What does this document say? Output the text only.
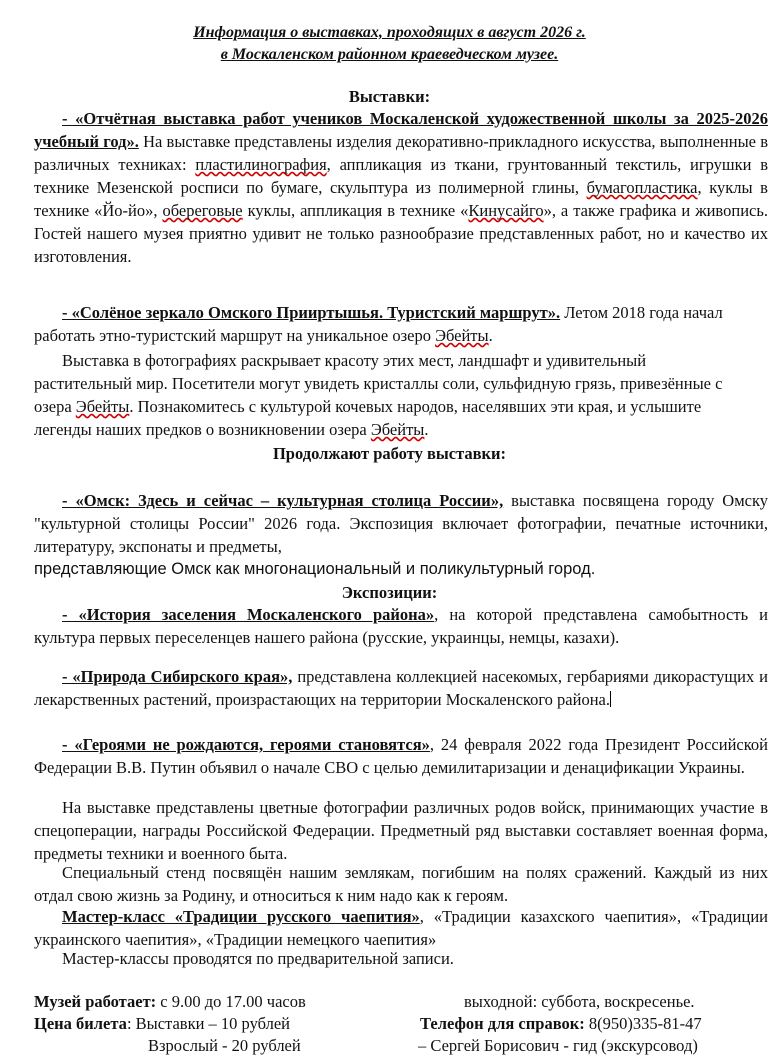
Информация о выставках, проходящих в август 2026 г.
в Москаленском районном краеведческом музее.
Выставки:
- «Отчётная выставка работ учеников Москаленской художественной школы за 2025-2026 учебный год». На выставке представлены изделия декоративно-прикладного искусства, выполненные в различных техниках: пластилинография, аппликация из ткани, грунтованный текстиль, игрушки в технике Мезенской росписи по бумаге, скульптура из полимерной глины, бумагопластика, куклы в технике «Йо-йо», обереговые куклы, аппликация в технике «Кинусайго», а также графика и живопись. Гостей нашего музея приятно удивит не только разнообразие представленных работ, но и качество их изготовления.
- «Солёное зеркало Омского Прииртышья. Туристский маршрут». Летом 2018 года начал работать этно-туристский маршрут на уникальное озеро Эбейты.
Выставка в фотографиях раскрывает красоту этих мест, ландшафт и удивительный растительный мир. Посетители могут увидеть кристаллы соли, сульфидную грязь, привезённые с озера Эбейты. Познакомитесь с культурой кочевых народов, населявших эти края, и услышите легенды наших предков о возникновении озера Эбейты.
Продолжают работу выставки:
- «Омск: Здесь и сейчас – культурная столица России», выставка посвящена городу Омску "культурной столицы России" 2026 года. Экспозиция включает фотографии, печатные источники, литературу, экспонаты и предметы,
представляющие Омск как многонациональный и поликультурный город.
Экспозиции:
- «История заселения Москаленского района», на которой представлена самобытность и культура первых переселенцев нашего района (русские, украинцы, немцы, казахи).
- «Природа Сибирского края», представлена коллекцией насекомых, гербариями дикорастущих и лекарственных растений, произрастающих на территории Москаленского района.
- «Героями не рождаются, героями становятся», 24 февраля 2022 года Президент Российской Федерации В.В. Путин объявил о начале СВО с целью демилитаризации и денацификации Украины.
На выставке представлены цветные фотографии различных родов войск, принимающих участие в спецоперации, награды Российской Федерации. Предметный ряд выставки составляет военная форма, предметы техники и военного быта.
Специальный стенд посвящён нашим землякам, погибшим на полях сражений. Каждый из них отдал свою жизнь за Родину, и относиться к ним надо как к героям.
Мастер-класс «Традиции русского чаепития», «Традиции казахского чаепития», «Традиции украинского чаепития», «Традиции немецкого чаепития»
Мастер-классы проводятся по предварительной записи.
Музей работает: с 9.00 до 17.00 часов	выходной: суббота, воскресенье.
Цена билета: Выставки – 10 рублей	Телефон для справок: 8(950)335-81-47
Взрослый - 20 рублей	– Сергей Борисович - гид (экскурсовод)
